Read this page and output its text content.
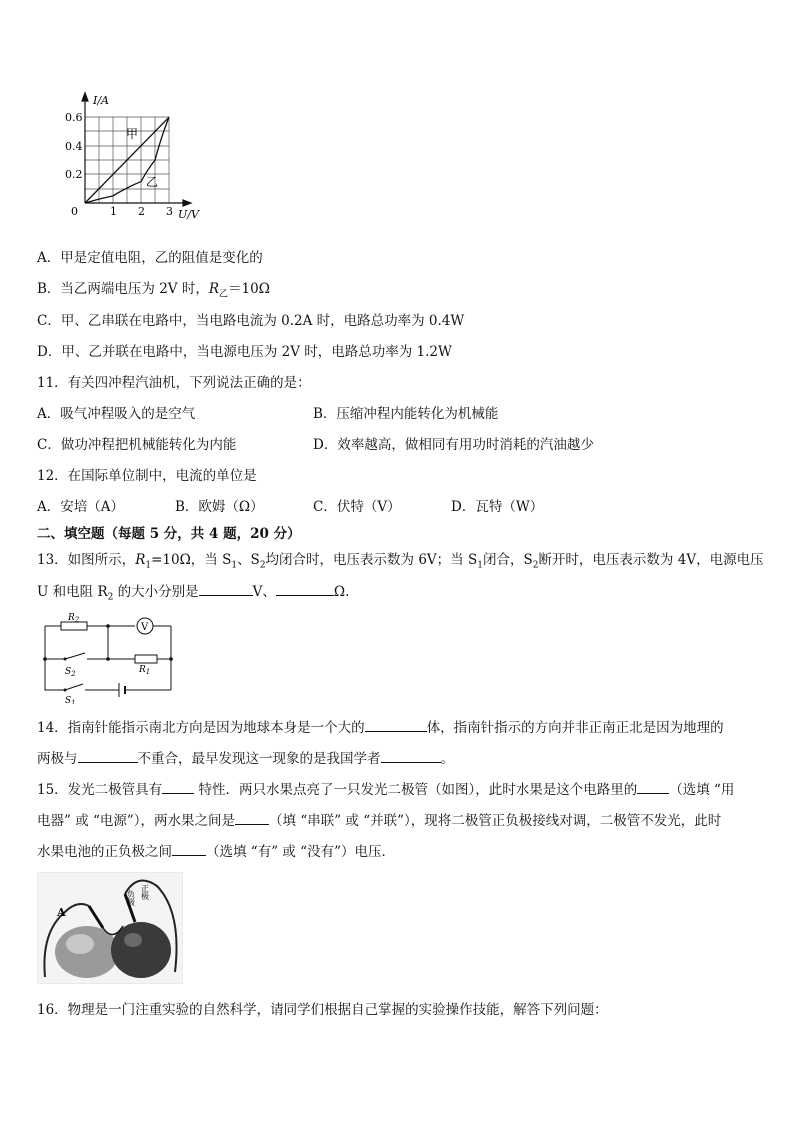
I/A
U/V
0.6
0.4
0.2
0	1 2 3
甲
乙
A．甲是定值电阻，乙的阻值是变化的
B．当乙两端电压为 2V 时，$R_乙=10\Omega$
C．甲、乙串联在电路中，当电路电流为 0.2A 时，电路总功率为 0.4W
D．甲、乙并联在电路中，当电源电压为 2V 时，电路总功率为 1.2W
11．有关四冲程汽油机，下列说法正确的是：
A．吸气冲程吸入的是空气	B．压缩冲程内能转化为机械能
C．做功冲程把机械能转化为内能	D．效率越高，做相同有用功时消耗的汽油越少
12．在国际单位制中，电流的单位是
A．安培（A）	B．欧姆（Ω）	C．伏特（V）	D．瓦特（W）
二、填空题（每题 5 分，共 4 题，20 分）
13．如图所示，$R_1=10\Omega$，当 $S_1$、$S_2$均闭合时，电压表示数为 6V；当 $S_1$闭合，$S_2$断开时，电压表示数为 4V，电源电压
U 和电阻 $R_2$ 的大小分别是	V、	Ω.
$R_2$
V
$S_2$	$R_1$
$S_1$
14．指南针能指示南北方向是因为地球本身是一个大的	体，指南针指示的方向并非正南正北是因为地理的
两极与	不重合，最早发现这一现象的是我国学者	。
15．发光二极管具有 特性．两只水果点亮了一只发光二极管（如图），此时水果是这个电路里的 （选填 “用
电器” 或 “电源”），两水果之间是	（填 “串联” 或 “并联”），现将二极管正负极接线对调，二极管不发光，此时
水果电池的正负极之间	（选填 “有” 或 “没有”）电压．
A
负极 正极
16．物理是一门注重实验的自然科学，请同学们根据自己掌握的实验操作技能，解答下列问题：
